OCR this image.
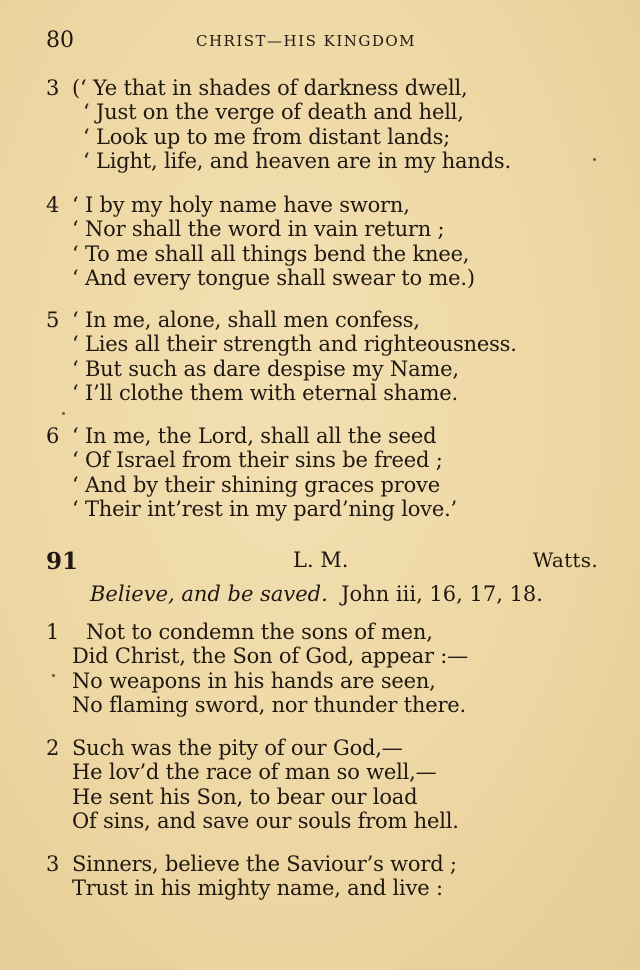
80	CHRIST—HIS KINGDOM
3 (‘ Ye that in shades of darkness dwell,
‘ Just on the verge of death and hell,
‘ Look up to me from distant lands;
‘ Light, life, and heaven are in my hands.
4 ‘ I by my holy name have sworn,
‘ Nor shall the word in vain return ;
‘ To me shall all things bend the knee,
‘ And every tongue shall swear to me.)
5 ‘ In me, alone, shall men confess,
‘ Lies all their strength and righteousness.
‘ But such as dare despise my Name,
‘ I’ll clothe them with eternal shame.
6 ‘ In me, the Lord, shall all the seed
‘ Of Israel from their sins be freed ;
‘ And by their shining graces prove
‘ Their int’rest in my pard’ning love.’
91	L. M.	Watts.
Believe, and be saved. John iii, 16, 17, 18.
1 Not to condemn the sons of men,
Did Christ, the Son of God, appear :—
No weapons in his hands are seen,
No flaming sword, nor thunder there.
2 Such was the pity of our God,—
He lov’d the race of man so well,—
He sent his Son, to bear our load
Of sins, and save our souls from hell.
3 Sinners, believe the Saviour’s word ;
Trust in his mighty name, and live :
